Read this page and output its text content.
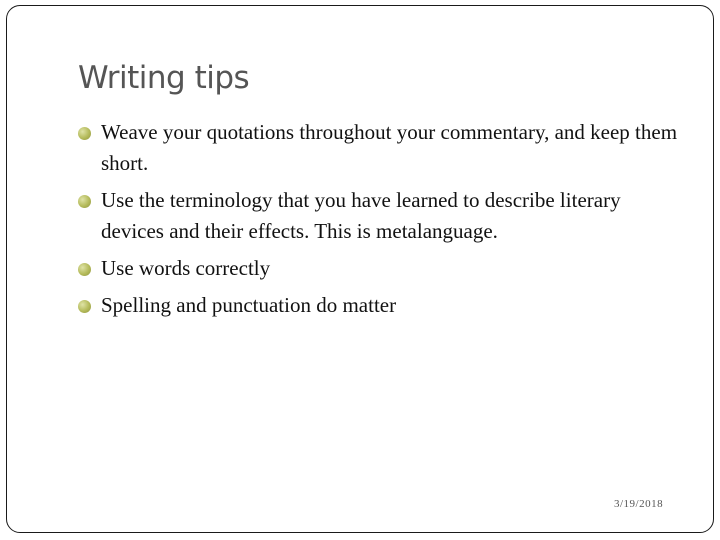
Writing tips
Weave your quotations throughout your commentary, and keep them short.
Use the terminology that you have learned to describe literary devices and their effects. This is metalanguage.
Use words correctly
Spelling and punctuation do matter
3/19/2018
